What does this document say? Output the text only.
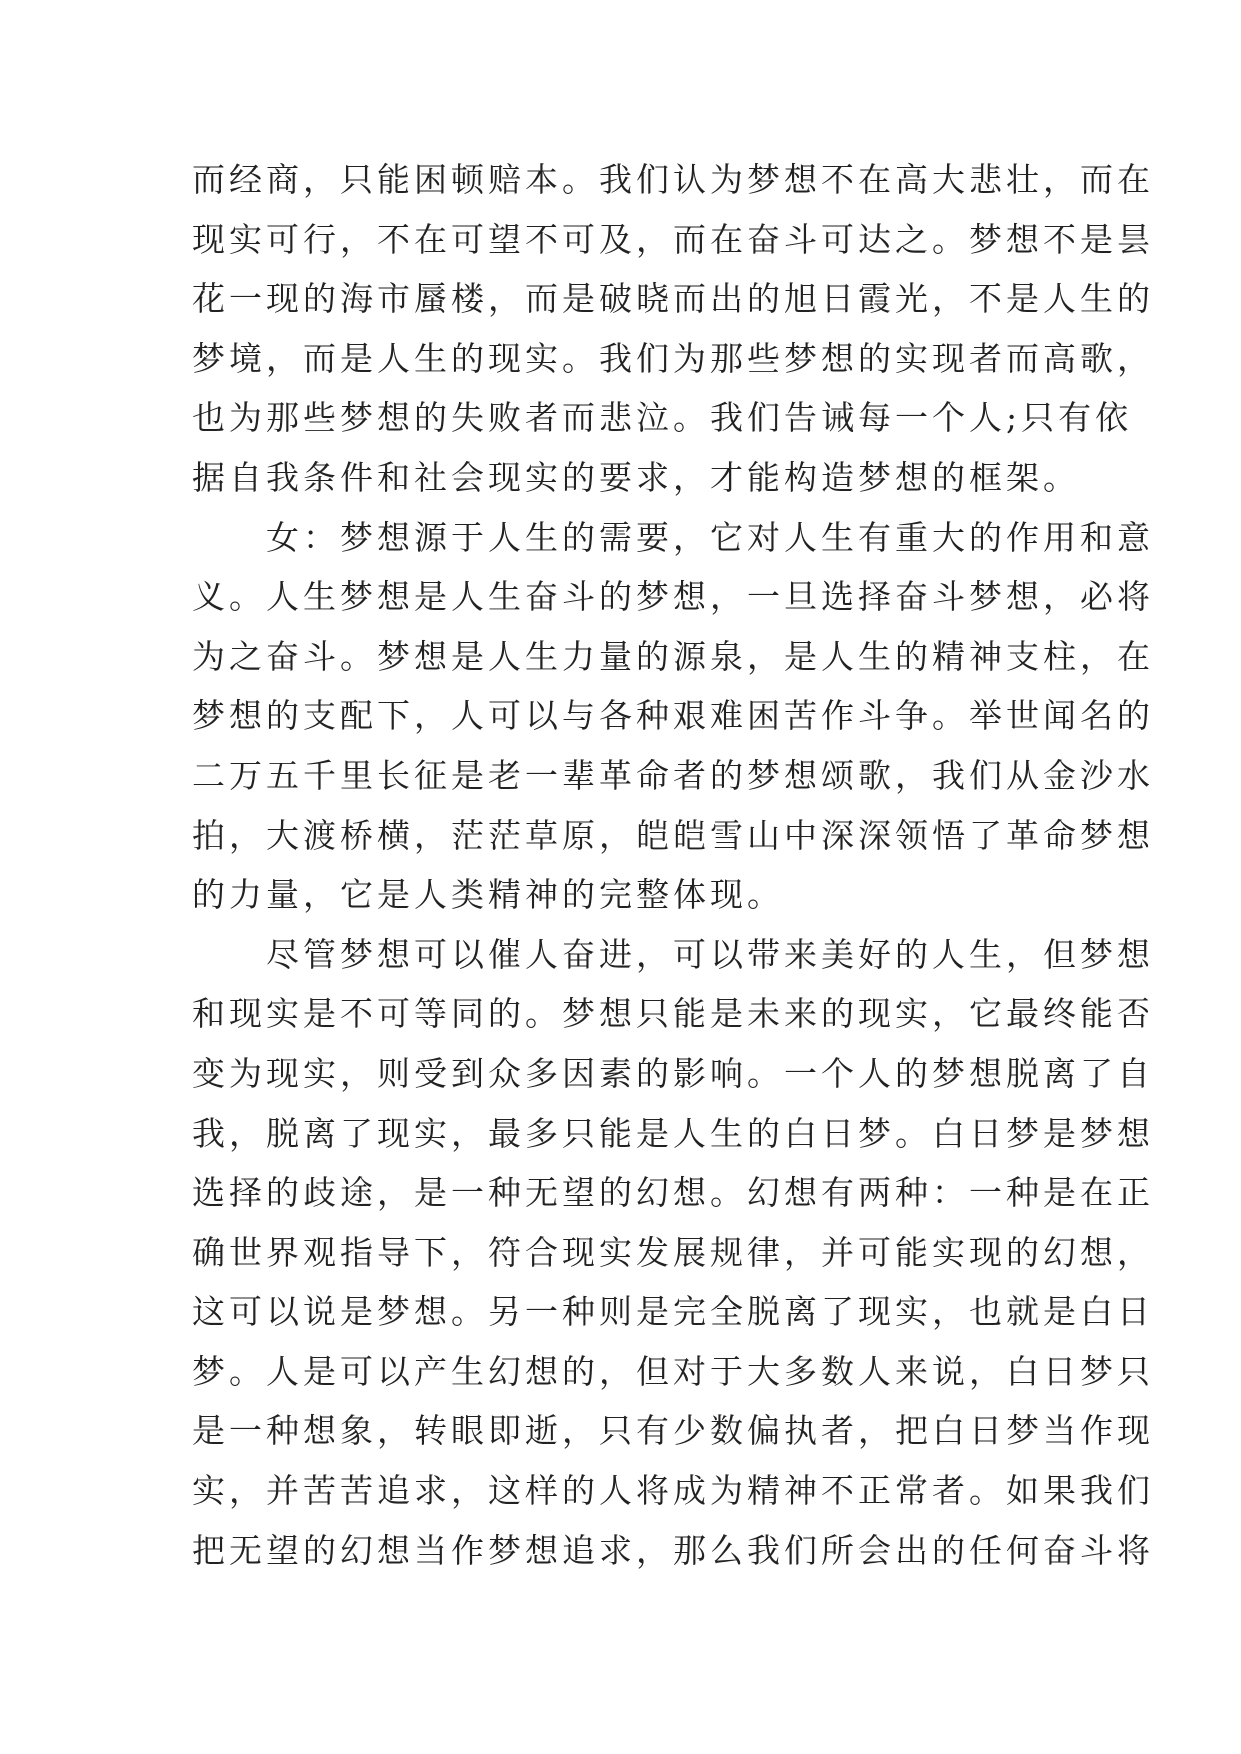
而经商，只能困顿赔本。我们认为梦想不在高大悲壮，而在
现实可行，不在可望不可及，而在奋斗可达之。梦想不是昙
花一现的海市蜃楼，而是破晓而出的旭日霞光，不是人生的
梦境，而是人生的现实。我们为那些梦想的实现者而高歌，
也为那些梦想的失败者而悲泣。我们告诫每一个人;只有依
据自我条件和社会现实的要求，才能构造梦想的框架。
　　女：梦想源于人生的需要，它对人生有重大的作用和意
义。人生梦想是人生奋斗的梦想，一旦选择奋斗梦想，必将
为之奋斗。梦想是人生力量的源泉，是人生的精神支柱，在
梦想的支配下，人可以与各种艰难困苦作斗争。举世闻名的
二万五千里长征是老一辈革命者的梦想颂歌，我们从金沙水
拍，大渡桥横，茫茫草原，皑皑雪山中深深领悟了革命梦想
的力量，它是人类精神的完整体现。
　　尽管梦想可以催人奋进，可以带来美好的人生，但梦想
和现实是不可等同的。梦想只能是未来的现实，它最终能否
变为现实，则受到众多因素的影响。一个人的梦想脱离了自
我，脱离了现实，最多只能是人生的白日梦。白日梦是梦想
选择的歧途，是一种无望的幻想。幻想有两种：一种是在正
确世界观指导下，符合现实发展规律，并可能实现的幻想，
这可以说是梦想。另一种则是完全脱离了现实，也就是白日
梦。人是可以产生幻想的，但对于大多数人来说，白日梦只
是一种想象，转眼即逝，只有少数偏执者，把白日梦当作现
实，并苦苦追求，这样的人将成为精神不正常者。如果我们
把无望的幻想当作梦想追求，那么我们所会出的任何奋斗将
